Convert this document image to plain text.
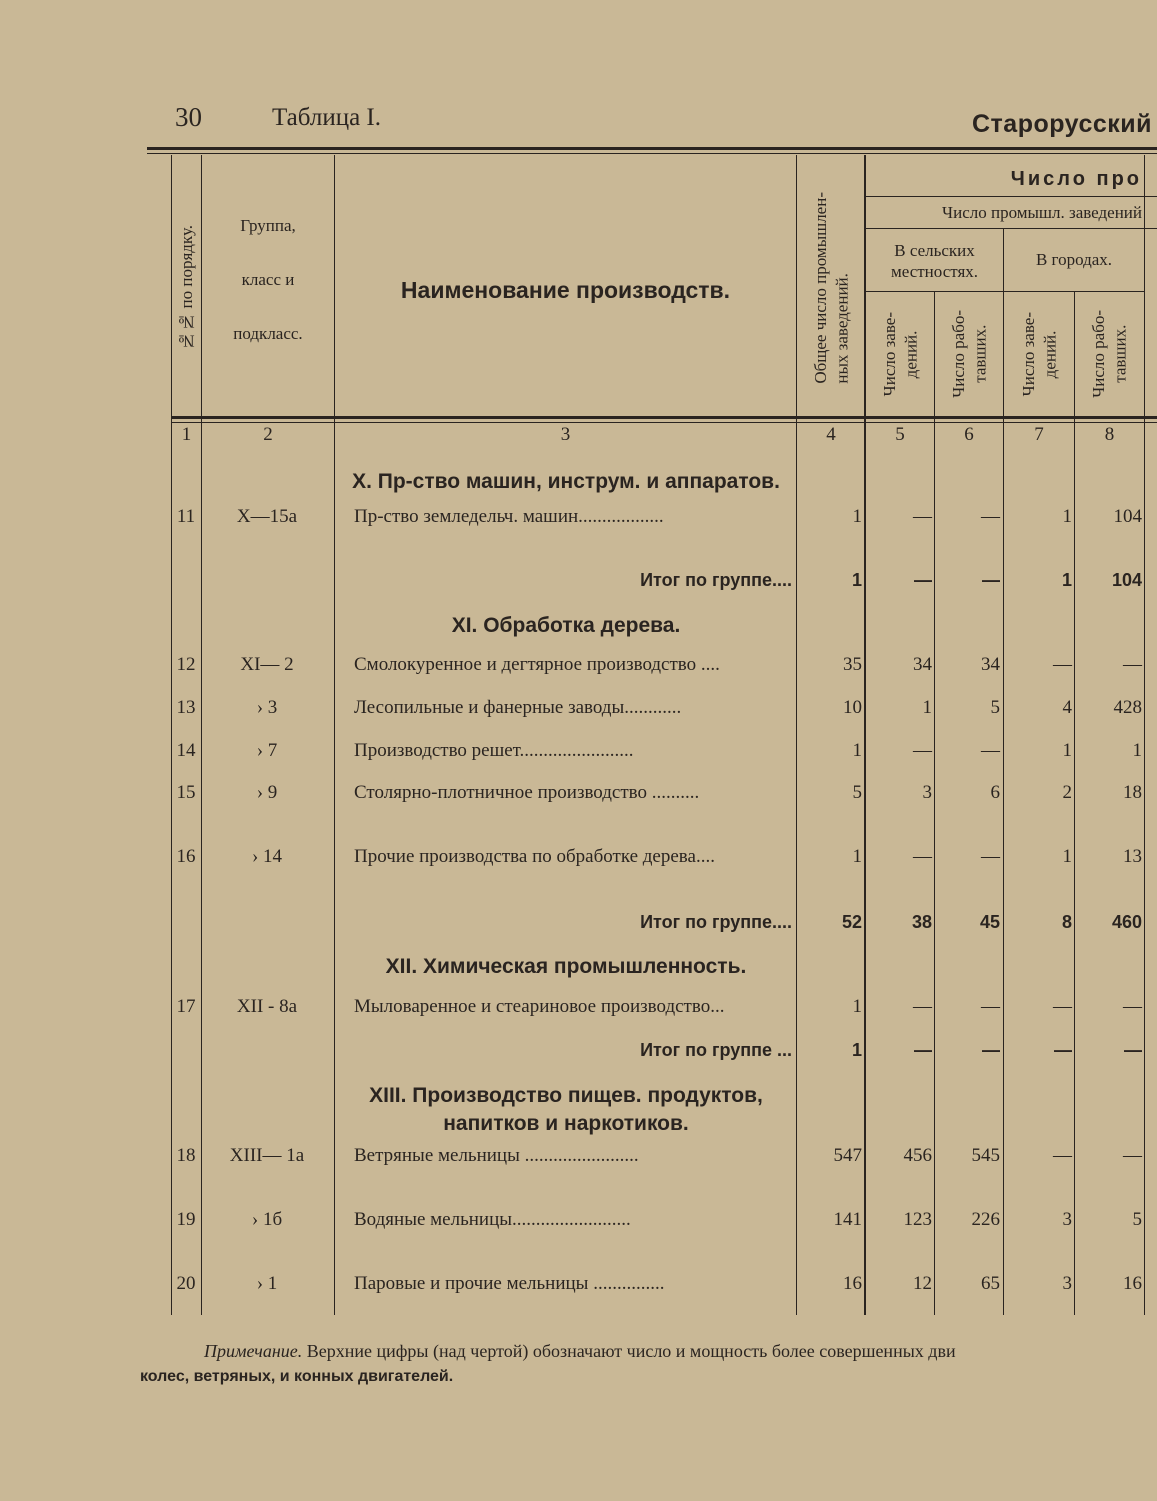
30	Таблица I.	Старорусский
№№ по порядку.	Группа,
класс и
подкласс.
Наименование производств.	Общее число промышлен- ных заведений.
Число про
Число промышл. заведений
В сельских
местностях.
В городах.
Число заве- дений. Число рабо- тавших. Число заве- дений. Число рабо- тавших.
1	2	3	4	5	6	7	8
X. Пр-ство машин, инструм. и аппаратов.
11	X—15a	Пр-ство земледельч. машин..................	1	—	—	1	104
Итог по группе....	1	—	—	1	104
XI. Обработка дерева.
12	XI— 2	Смолокуренное и дегтярное производство ....	35	34	34	—	—
13	› 3	Лесопильные и фанерные заводы............	10	1	5	4	428
14	› 7	Производство решет........................	1	—	—	1	1
15	› 9	Столярно-плотничное производство ..........	5	3	6	2	18
16	› 14	Прочие производства по обработке дерева....	1	—	—	1	13
Итог по группе....	52	38	45	8	460
XII. Химическая промышленность.
17	XII - 8a	Мыловаренное и стеариновое производство...	1	—	—	—	—
Итог по группе ...	1	—	—	—	—
XIII. Производство пищев. продуктов,
напитков и наркотиков.
18	XIII— 1a	Ветряные мельницы ........................	547	456	545	—	—
19	› 1б	Водяные мельницы.........................	141	123	226	3	5
20	› 1	Паровые и прочие мельницы ...............	16	12	65	3	16
Примечание. Верхние цифры (над чертой) обозначают число и мощность более совершенных дви
колес, ветряных, и конных двигателей.
